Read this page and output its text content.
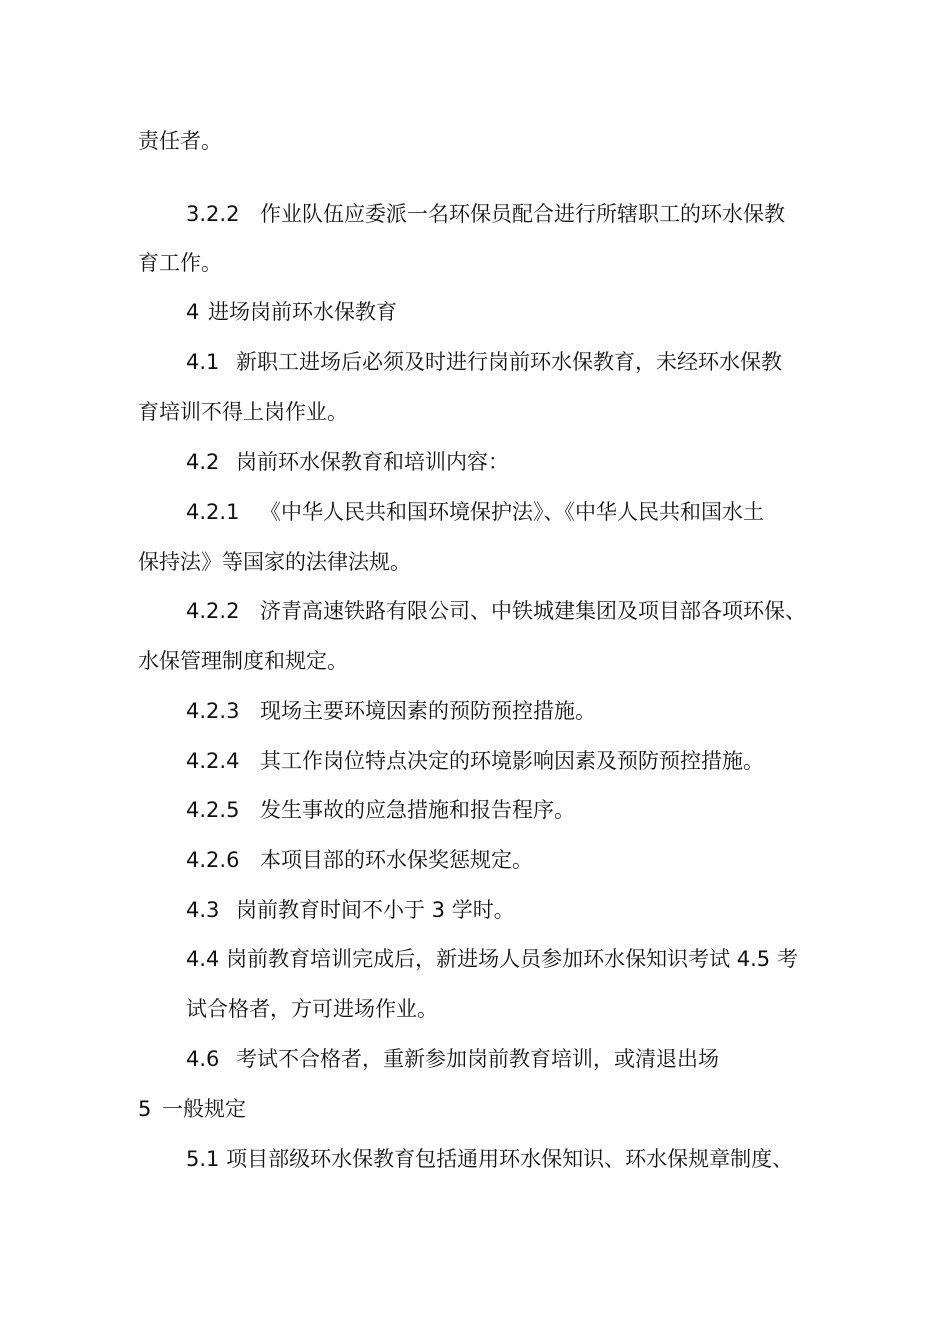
责任者。
3.2.2 作业队伍应委派一名环保员配合进行所辖职工的环水保教
育工作。
4 进场岗前环水保教育
4.1 新职工进场后必须及时进行岗前环水保教育，未经环水保教
育培训不得上岗作业。
4.2 岗前环水保教育和培训内容：
4.2.1 《中华人民共和国环境保护法》、《中华人民共和国水土
保持法》等国家的法律法规。
4.2.2 济青高速铁路有限公司、中铁城建集团及项目部各项环保、
水保管理制度和规定。
4.2.3 现场主要环境因素的预防预控措施。
4.2.4 其工作岗位特点决定的环境影响因素及预防预控措施。
4.2.5 发生事故的应急措施和报告程序。
4.2.6 本项目部的环水保奖惩规定。
4.3 岗前教育时间不小于 3 学时。
4.4 岗前教育培训完成后，新进场人员参加环水保知识考试 4.5 考
试合格者，方可进场作业。
4.6 考试不合格者，重新参加岗前教育培训，或清退出场
5 一般规定
5.1 项目部级环水保教育包括通用环水保知识、环水保规章制度、
